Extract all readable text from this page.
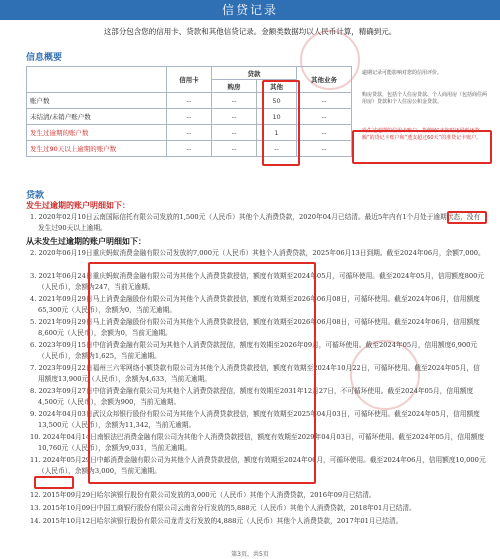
信贷记录
这部分包含您的信用卡、贷款和其他信贷记录。金额类数据均以人民币计算，精确到元。
信息概要
	信用卡	贷款		其他业务
		购房	其他	
账户数	--	--	50	--
未结清/未销户账户数	--	--	10	--
发生过逾期的账户数	--	--	1	--
发生过90天以上逾期的账户数	--	--	--	--
逾期记录可能影响对您的信用评价。
购房贷款，包括个人住房贷款、个人商用房（包括商住两用房）贷款和个人住房公积金贷款。
发生过逾期的信用卡账户，指曾经“未按时还最低还款额”的贷记卡账户和“透支超过60天”的准贷记卡账户。
贷款
发生过逾期的账户明细如下：
1. 2020年02月10日云南国际信托有限公司发放的1,500元（人民币）其他个人消费贷款，2020年04月已结清。最近5年内有1个月处于逾期状态，没有发生过90天以上逾期。
从未发生过逾期的账户明细如下：
2. 2020年06月19日重庆蚂蚁消费金融有限公司发放的7,000元（人民币）其他个人消费贷款，2025年06月13日到期。截至2024年06月，余额7,000。
3. 2021年06月24日重庆蚂蚁消费金融有限公司为其他个人消费贷款授信，额度有效期至2024年05月，可循环使用。截至2024年05月，信用额度800元（人民币），余额为247，当前无逾期。
4. 2021年09月29日马上消费金融股份有限公司为其他个人消费贷款授信，额度有效期至2026年06月08日，可循环使用。截至2024年06月，信用额度65,300元（人民币），余额为0，当前无逾期。
5. 2021年09月29日马上消费金融股份有限公司为其他个人消费贷款授信，额度有效期至2026年06月08日，可循环使用。截至2024年06月，信用额度8,600元（人民币），余额为0，当前无逾期。
6. 2023年09月15日中信消费金融有限公司为其他个人消费贷款授信，额度有效期至2026年09月，可循环使用。截至2024年05月，信用额度6,900元（人民币），余额为1,625，当前无逾期。
7. 2023年09月22日福州三六零网络小额贷款有限公司为其他个人消费贷款授信，额度有效期至2024年10月22日，可循环使用。截至2024年05月，信用额度13,900元（人民币），余额为4,633，当前无逾期。
8. 2023年09月27日中信消费金融有限公司为其他个人消费贷款授信，额度有效期至2031年12月27日，不可循环使用。截至2024年05月，信用额度4,500元（人民币），余额为900，当前无逾期。
9. 2024年04月03日武汉众邦银行股份有限公司为其他个人消费贷款授信，额度有效期至2025年04月03日，可循环使用。截至2024年05月，信用额度13,500元（人民币），余额为11,342，当前无逾期。
10. 2024年04月14日南银法巴消费金融有限公司为其他个人消费贷款授信，额度有效期至2029年04月03日，可循环使用。截至2024年05月，信用额度10,760元（人民币），余额为9,031，当前无逾期。
11. 2024年05月29日中邮消费金融有限公司为其他个人消费贷款授信，额度有效期至2024年06月，可循环使用。截至2024年06月，信用额度10,000元（人民币），余额为3,000，当前无逾期。
12. 2015年09月29日哈尔滨银行股份有限公司发放的3,000元（人民币）其他个人消费贷款，2016年09月已结清。
13. 2015年10月09日中国工商银行股份有限公司云南省分行发放的5,888元（人民币）其他个人消费贷款，2018年01月已结清。
14. 2015年10月12日哈尔滨银行股份有限公司龙青支行发放的4,888元（人民币）其他个人消费贷款，2017年01月已结清。
第3页，共5页
